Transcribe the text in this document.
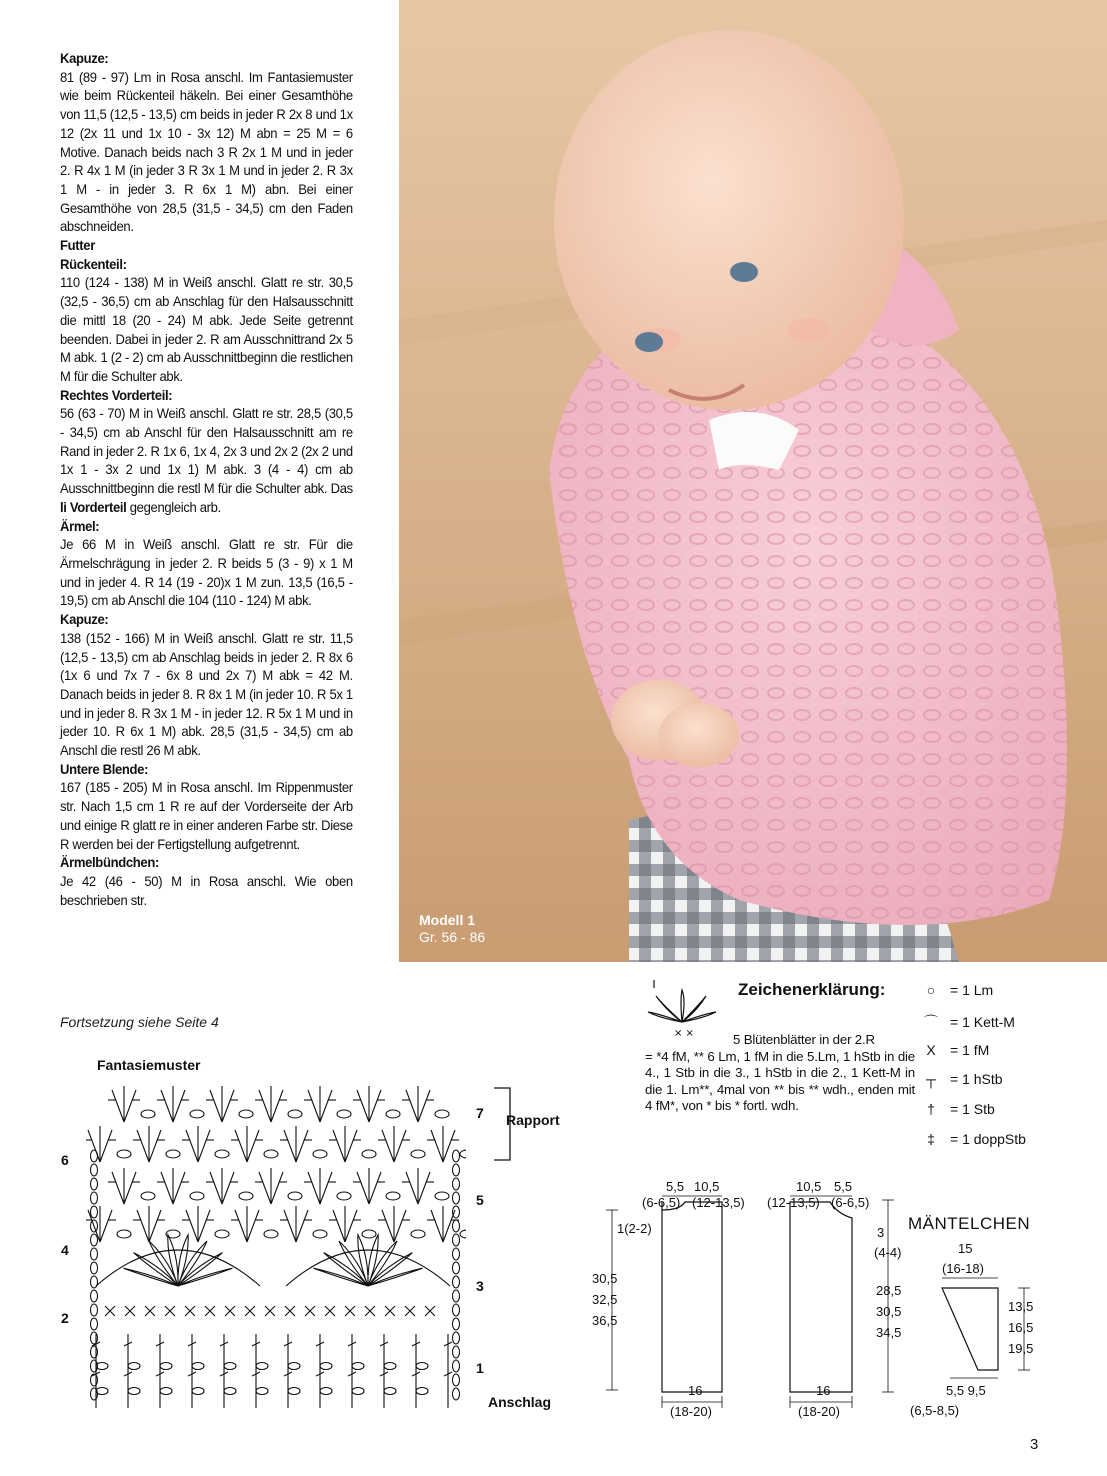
Kapuze:

81 (89 - 97) Lm in Rosa anschl. Im Fantasiemuster wie beim Rückenteil häkeln. Bei einer Gesamthöhe von 11,5 (12,5 - 13,5) cm beids in jeder R 2x 8 und 1x 12 (2x 11 und 1x 10 - 3x 12) M abn = 25 M = 6 Motive. Danach beids nach 3 R 2x 1 M und in jeder 2. R 4x 1 M (in jeder 3 R 3x 1 M und in jeder 2. R 3x 1 M - in jeder 3. R 6x 1 M) abn. Bei einer Gesamthöhe von 28,5 (31,5 - 34,5) cm den Faden abschneiden.

Futter
Rückenteil:

110 (124 - 138) M in Weiß anschl. Glatt re str. 30,5 (32,5 - 36,5) cm ab Anschlag für den Halsausschnitt die mittl 18 (20 - 24) M abk. Jede Seite getrennt beenden. Dabei in jeder 2. R am Ausschnittrand 2x 5 M abk. 1 (2 - 2) cm ab Ausschnittbeginn die restlichen M für die Schulter abk.

Rechtes Vorderteil:

56 (63 - 70) M in Weiß anschl. Glatt re str. 28,5 (30,5 - 34,5) cm ab Anschl für den Halsausschnitt am re Rand in jeder 2. R 1x 6, 1x 4, 2x 3 und 2x 2 (2x 2 und 1x 1 - 3x 2 und 1x 1) M abk. 3 (4 - 4) cm ab Ausschnittbeginn die restl M für die Schulter abk. Das li Vorderteil gegengleich arb.

Ärmel:

Je 66 M in Weiß anschl. Glatt re str. Für die Ärmelschrägung in jeder 2. R beids 5 (3 - 9) x 1 M und in jeder 4. R 14 (19 - 20)x 1 M zun. 13,5 (16,5 - 19,5) cm ab Anschl die 104 (110 - 124) M abk.

Kapuze:

138 (152 - 166) M in Weiß anschl. Glatt re str. 11,5 (12,5 - 13,5) cm ab Anschlag beids in jeder 2. R 8x 6 (1x 6 und 7x 7 - 6x 8 und 2x 7) M abk = 42 M. Danach beids in jeder 8. R 8x 1 M (in jeder 10. R 5x 1 und in jeder 8. R 3x 1 M - in jeder 12. R 5x 1 M und in jeder 10. R 6x 1 M) abk. 28,5 (31,5 - 34,5) cm ab Anschl die restl 26 M abk.

Untere Blende:

167 (185 - 205) M in Rosa anschl. Im Rippenmuster str. Nach 1,5 cm 1 R re auf der Vorderseite der Arb und einige R glatt re in einer anderen Farbe str. Diese R werden bei der Fertigstellung aufgetrennt.

Ärmelbündchen:

Je 42 (46 - 50) M in Rosa anschl. Wie oben beschrieben str.

Fortsetzung siehe Seite 4
Modell 1
Gr. 56 - 86
Zeichenerklärung:
× ×	5 Blütenblätter in der 2.R
= *4 fM, ** 6 Lm, 1 fM in die 5.Lm, 1 hStb in die 4., 1 Stb in die 3., 1 hStb in die 2., 1 Kett-M in die 1. Lm**, 4mal von ** bis ** wdh., enden mit 4 fM*, von * bis * fortl. wdh.
○	= 1 Lm
⌒ = 1 Kett-M
X	= 1 fM
┬ = 1 hStb
†	= 1 Stb
‡	= 1 doppStb
Fantasiemuster
6
4
2
7
5
3
1
Rapport
Anschlag
MÄNTELCHEN
5,5
(6-6,5)
10,5
(12-13,5)
1(2-2)
30,5
32,5
36,5
16
(18-20)
10,5
(12-13,5)
5,5
(6-6,5)
3
(4-4)
28,5
30,5
34,5
16
(18-20)
15
(16-18)
13,5
16,5
19,5
5,5 9,5
(6,5-8,5)
3
